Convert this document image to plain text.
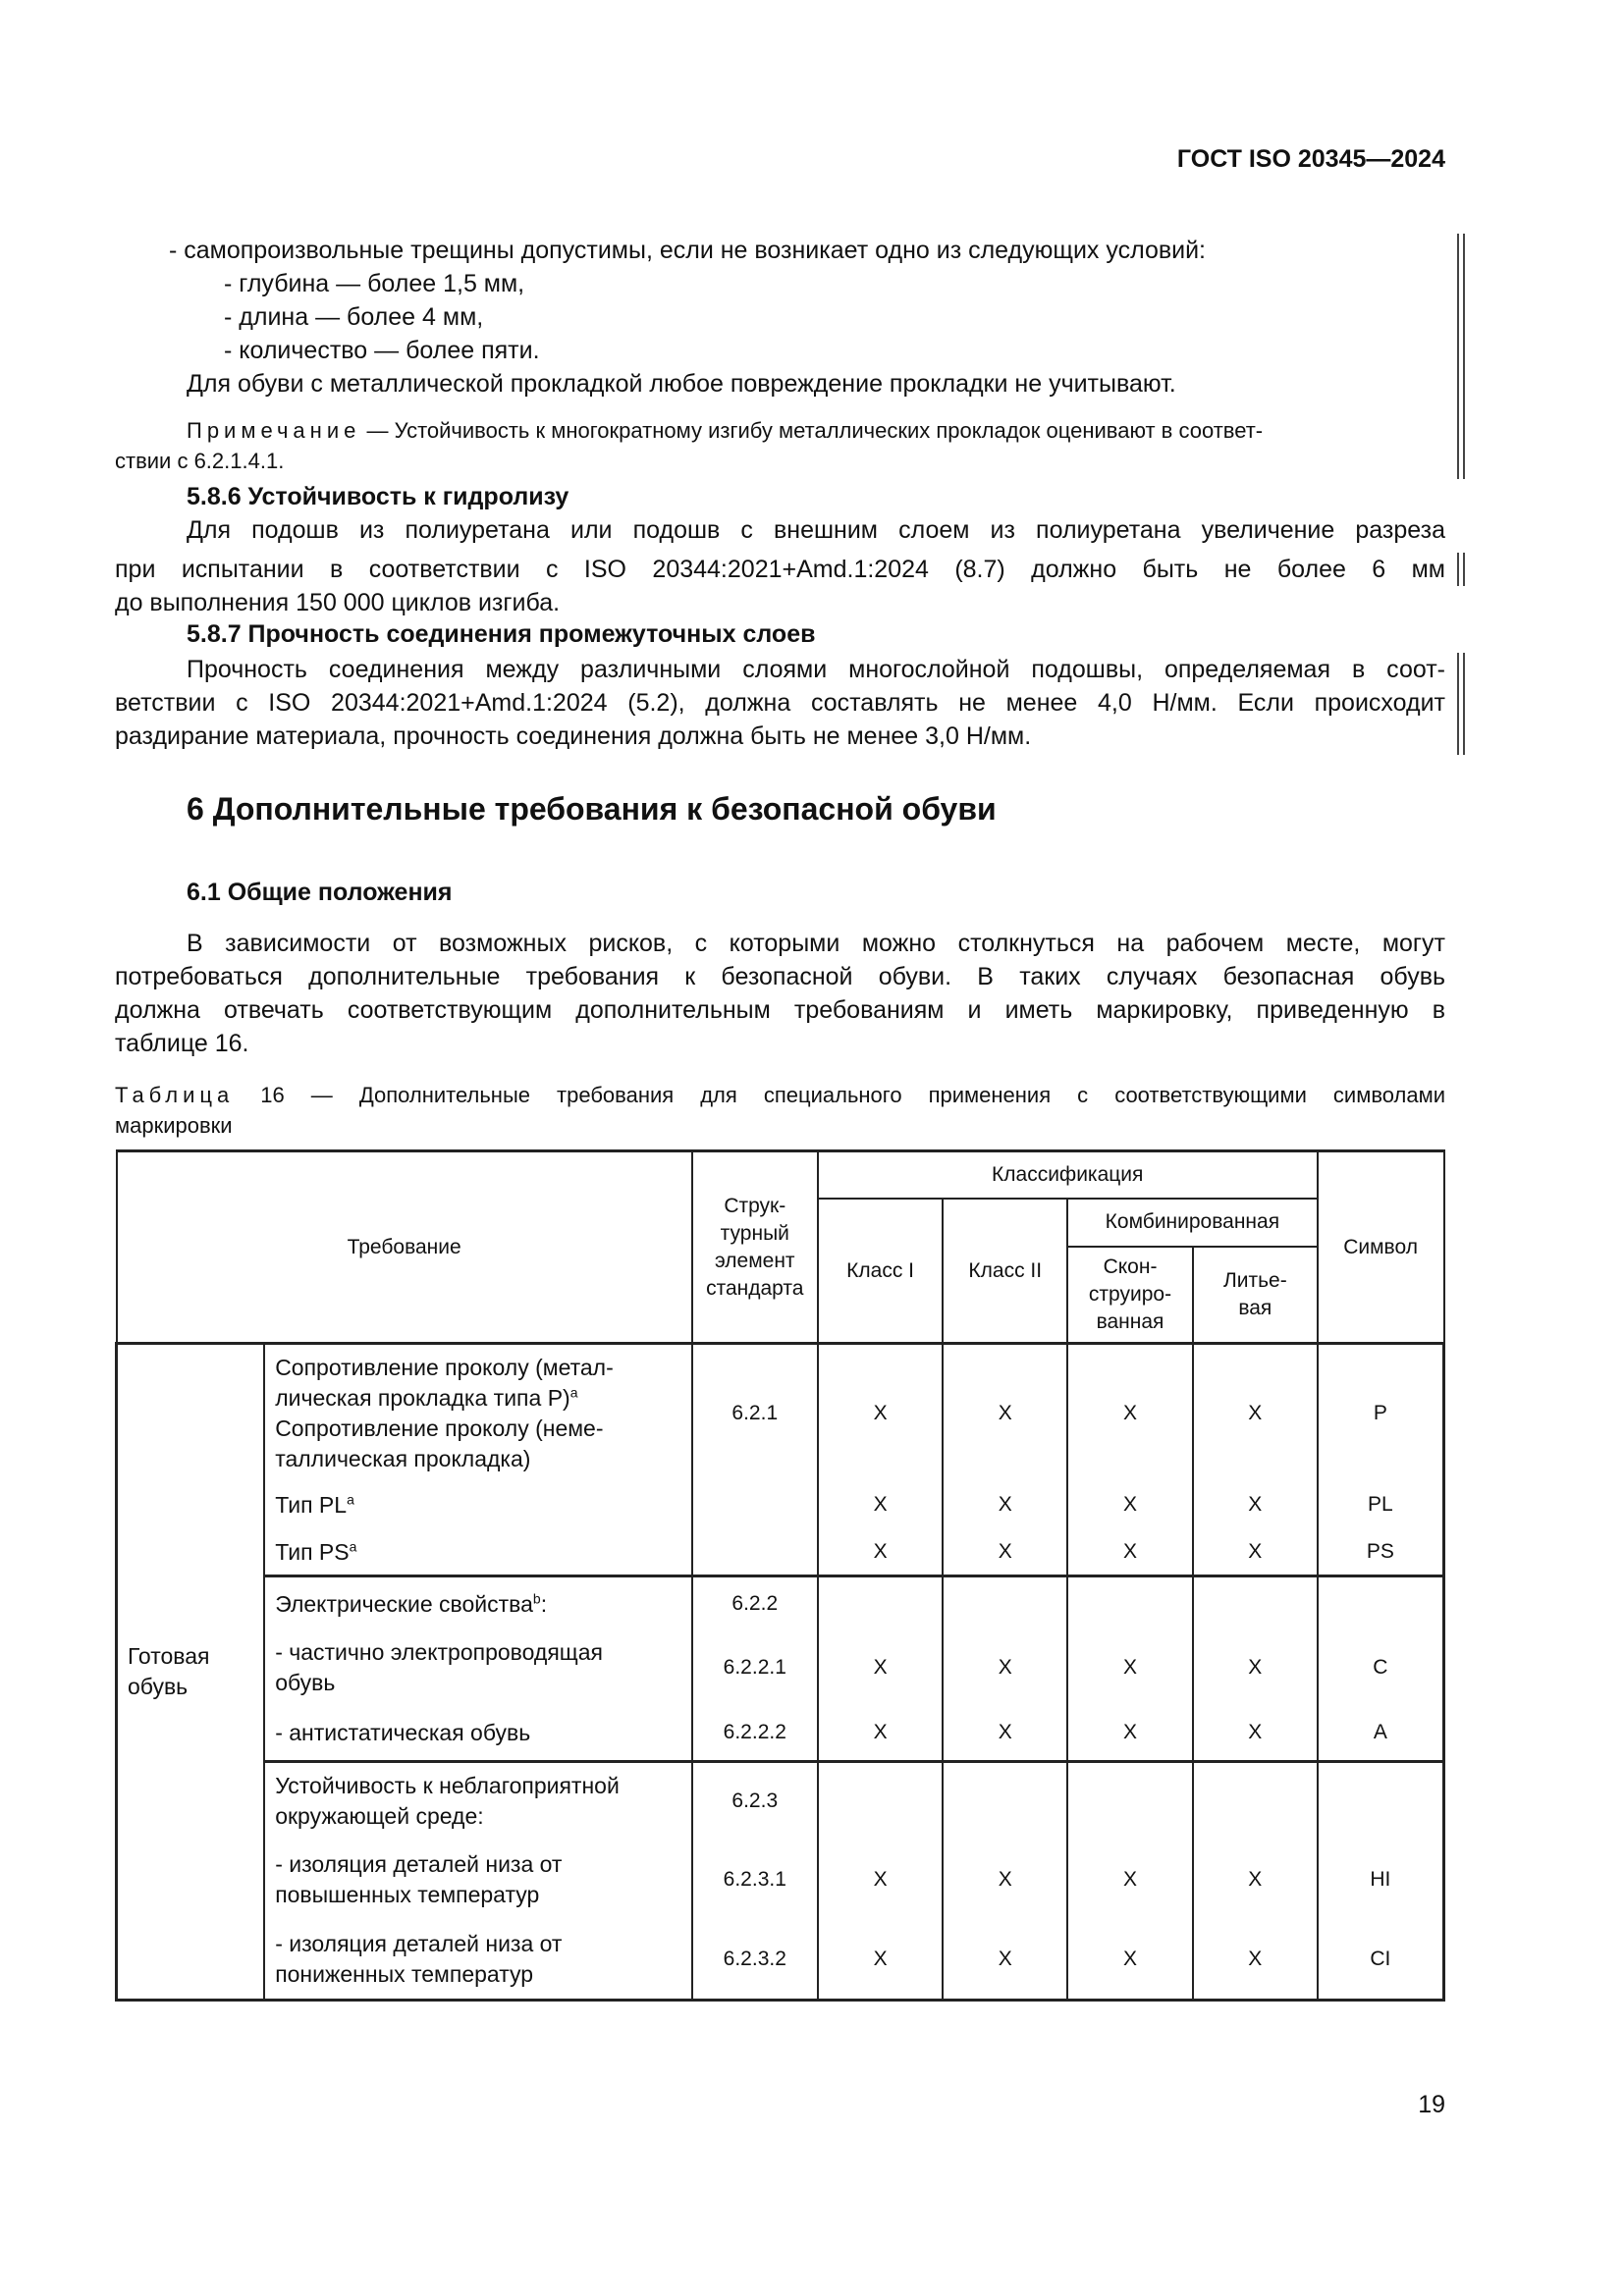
ГОСТ ISO 20345—2024
- самопроизвольные трещины допустимы, если не возникает одно из следующих условий:
- глубина — более 1,5 мм,
- длина — более 4 мм,
- количество — более пяти.
Для обуви с металлической прокладкой любое повреждение прокладки не учитывают.
Примечание — Устойчивость к многократному изгибу металлических прокладок оценивают в соответ-
ствии с 6.2.1.4.1.
5.8.6 Устойчивость к гидролизу
Для подошв из полиуретана или подошв с внешним слоем из полиуретана увеличение разреза
при испытании в соответствии с ISO 20344:2021+Amd.1:2024 (8.7) должно быть не более 6 мм
до выполнения 150 000 циклов изгиба.
5.8.7 Прочность соединения промежуточных слоев
Прочность соединения между различными слоями многослойной подошвы, определяемая в соот-
ветствии с ISO 20344:2021+Amd.1:2024 (5.2), должна составлять не менее 4,0 Н/мм. Если происходит
раздирание материала, прочность соединения должна быть не менее 3,0 Н/мм.
6 Дополнительные требования к безопасной обуви
6.1 Общие положения
В зависимости от возможных рисков, с которыми можно столкнуться на рабочем месте, могут
потребоваться дополнительные требования к безопасной обуви. В таких случаях безопасная обувь
должна отвечать соответствующим дополнительным требованиям и иметь маркировку, приведенную в
таблице 16.
Таблица 16 — Дополнительные требования для специального применения с соответствующими символами
маркировки
Требование		Струк-
турный
элемент
стандарта	Классификация				Символ
			Класс I	Класс II	Комбинированная		
					Скон-
струиро-
ванная	Литье-
вая	
Готовая
обувь	Сопротивление проколу (метал-
лическая прокладка типа P)$^a$
Сопротивление проколу (неме-
таллическая прокладка)	6.2.1	X	X	X	X	P
	Тип $PL^a$		X	X	X	X	PL
	Тип $PS^a$		X	X	X	X	PS
	Электрические свойства$^b$:	6.2.2					
	- частично электропроводящая
обувь	6.2.2.1	X	X	X	X	C
	- антистатическая обувь	6.2.2.2	X	X	X	X	A
	Устойчивость к неблагоприятной
окружающей среде:	6.2.3					
	- изоляция деталей низа от
повышенных температур	6.2.3.1	X	X	X	X	HI
	- изоляция деталей низа от
пониженных температур	6.2.3.2	X	X	X	X	CI
19
